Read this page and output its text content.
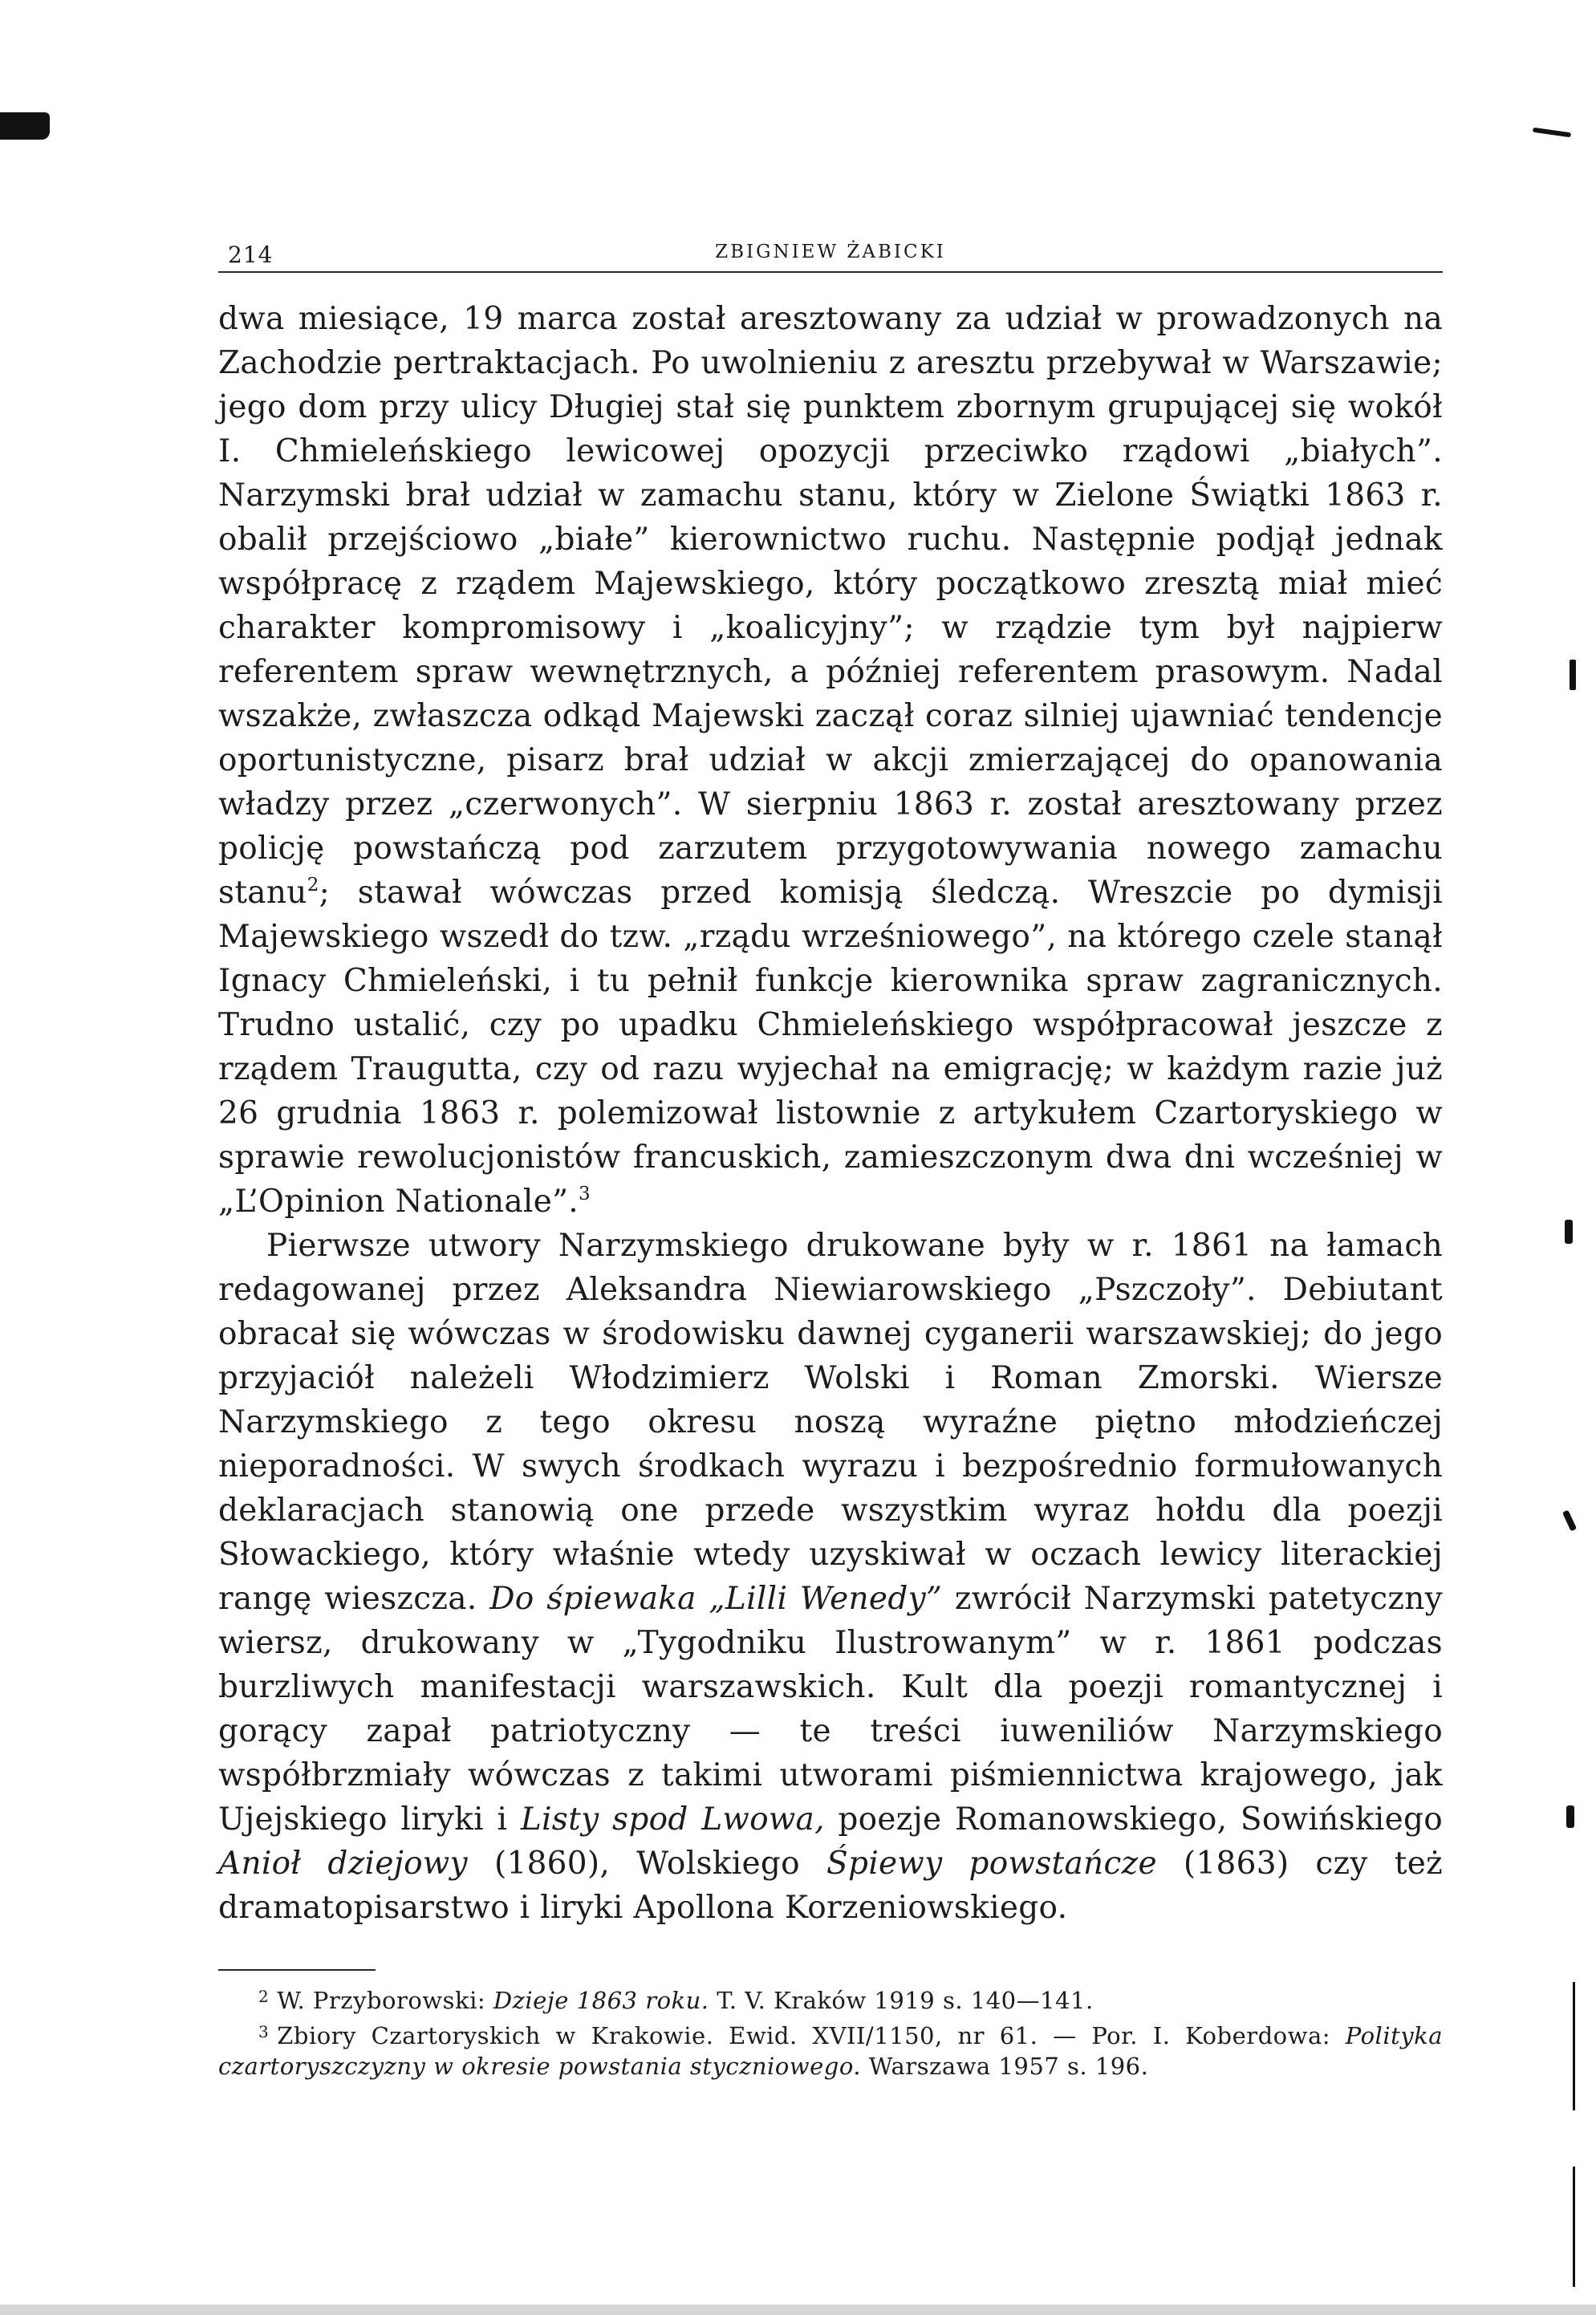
214	ZBIGNIEW ŻABICKI

dwa miesiące, 19 marca został aresztowany za udział w prowadzonych na Zachodzie pertraktacjach. Po uwolnieniu z aresztu przebywał w Warszawie; jego dom przy ulicy Długiej stał się punktem zbornym grupującej się wokół I. Chmieleńskiego lewicowej opozycji przeciwko rządowi „białych”. Narzymski brał udział w zamachu stanu, który w Zielone Świątki 1863 r. obalił przejściowo „białe” kierownictwo ruchu. Następnie podjął jednak współpracę z rządem Majewskiego, który początkowo zresztą miał mieć charakter kompromisowy i „koalicyjny”; w rządzie tym był najpierw referentem spraw wewnętrznych, a później referentem prasowym. Nadal wszakże, zwłaszcza odkąd Majewski zaczął coraz silniej ujawniać tendencje oportunistyczne, pisarz brał udział w akcji zmierzającej do opanowania władzy przez „czerwonych”. W sierpniu 1863 r. został aresztowany przez policję powstańczą pod zarzutem przygotowywania nowego zamachu stanu$^2$; stawał wówczas przed komisją śledczą. Wreszcie po dymisji Majewskiego wszedł do tzw. „rządu wrześniowego”, na którego czele stanął Ignacy Chmieleński, i tu pełnił funkcje kierownika spraw zagranicznych. Trudno ustalić, czy po upadku Chmieleńskiego współpracował jeszcze z rządem Traugutta, czy od razu wyjechał na emigrację; w każdym razie już 26 grudnia 1863 r. polemizował listownie z artykułem Czartoryskiego w sprawie rewolucjonistów francuskich, zamieszczonym dwa dni wcześniej w „L’Opinion Nationale”.$^3$

Pierwsze utwory Narzymskiego drukowane były w r. 1861 na łamach redagowanej przez Aleksandra Niewiarowskiego „Pszczoły”. Debiutant obracał się wówczas w środowisku dawnej cyganerii warszawskiej; do jego przyjaciół należeli Włodzimierz Wolski i Roman Zmorski. Wiersze Narzymskiego z tego okresu noszą wyraźne piętno młodzieńczej nieporadności. W swych środkach wyrazu i bezpośrednio formułowanych deklaracjach stanowią one przede wszystkim wyraz hołdu dla poezji Słowackiego, który właśnie wtedy uzyskiwał w oczach lewicy literackiej rangę wieszcza. Do śpiewaka „Lilli Wenedy” zwrócił Narzymski patetyczny wiersz, drukowany w „Tygodniku Ilustrowanym” w r. 1861 podczas burzliwych manifestacji warszawskich. Kult dla poezji romantycznej i gorący zapał patriotyczny — te treści iuweniliów Narzymskiego współbrzmiały wówczas z takimi utworami piśmiennictwa krajowego, jak Ujejskiego liryki i Listy spod Lwowa, poezje Romanowskiego, Sowińskiego Anioł dziejowy (1860), Wolskiego Śpiewy powstańcze (1863) czy też dramatopisarstwo i liryki Apollona Korzeniowskiego.

$^2$ W. Przyborowski: Dzieje 1863 roku. T. V. Kraków 1919 s. 140—141.

$^3$ Zbiory Czartoryskich w Krakowie. Ewid. XVII/1150, nr 61. — Por. I. Koberdowa: Polityka czartoryszczyzny w okresie powstania styczniowego. Warszawa 1957 s. 196.
